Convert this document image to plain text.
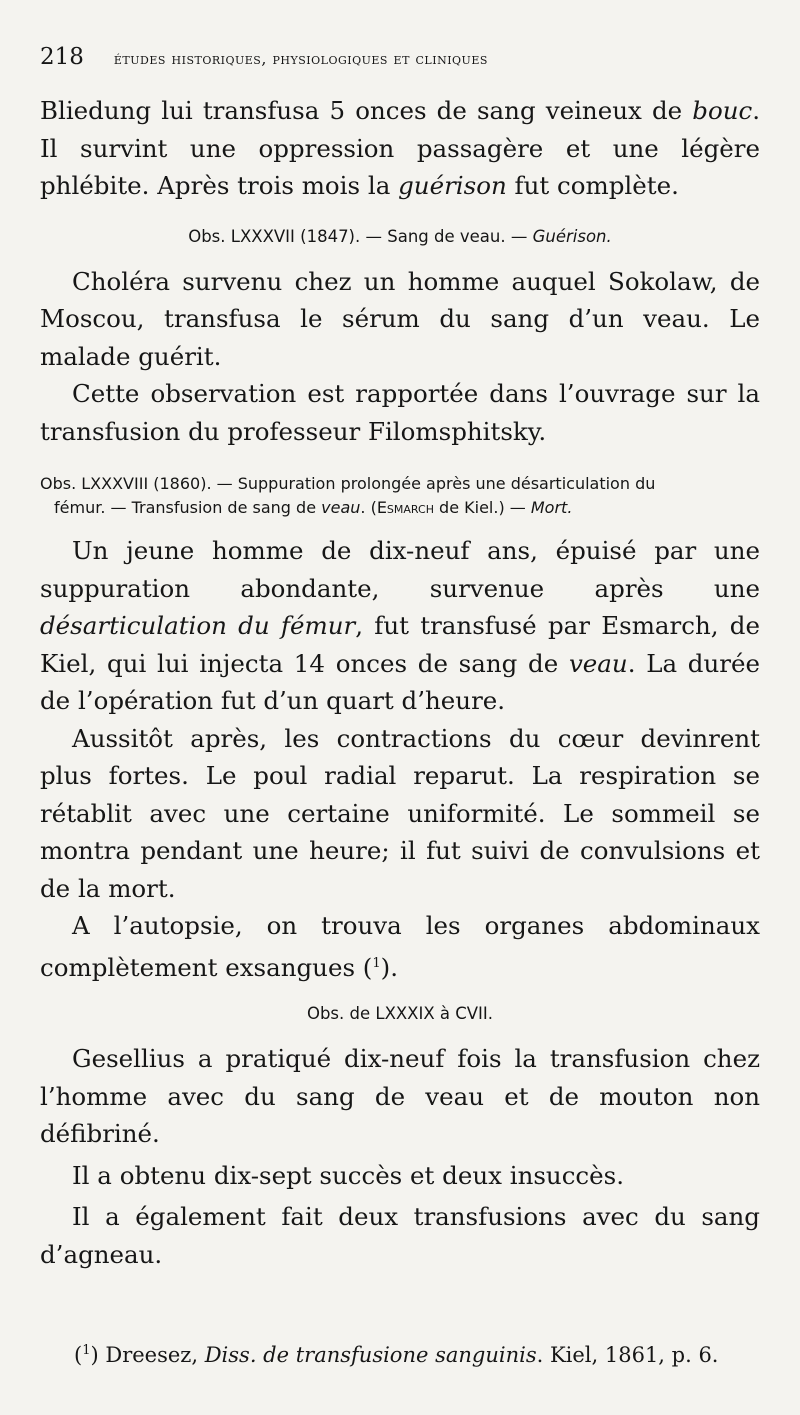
218 études historiques, physiologiques et cliniques

Bliedung lui transfusa 5 onces de sang veineux de bouc. Il survint une oppression passagère et une légère phlébite. Après trois mois la guérison fut complète.

Obs. LXXXVII (1847). — Sang de veau. — Guérison.

Choléra survenu chez un homme auquel Sokolaw, de Moscou, transfusa le sérum du sang d’un veau. Le malade guérit.

Cette observation est rapportée dans l’ouvrage sur la transfusion du professeur Filomsphitsky.

Obs. LXXXVIII (1860). — Suppuration prolongée après une désarticulation du

fémur. — Transfusion de sang de veau. (Esmarch de Kiel.) — Mort.

Un jeune homme de dix-neuf ans, épuisé par une suppuration abondante, survenue après une désarticulation du fémur, fut transfusé par Esmarch, de Kiel, qui lui injecta 14 onces de sang de veau. La durée de l’opération fut d’un quart d’heure.

Aussitôt après, les contractions du cœur devinrent plus fortes. Le poul radial reparut. La respiration se rétablit avec une certaine uniformité. Le sommeil se montra pendant une heure; il fut suivi de convulsions et de la mort.

A l’autopsie, on trouva les organes abdominaux complètement exsangues ($^1$).

Obs. de LXXXIX à CVII.

Gesellius a pratiqué dix-neuf fois la transfusion chez l’homme avec du sang de veau et de mouton non défibriné.

Il a obtenu dix-sept succès et deux insuccès.

Il a également fait deux transfusions avec du sang d’agneau.

($^1$) Dreesez, Diss. de transfusione sanguinis. Kiel, 1861, p. 6.
